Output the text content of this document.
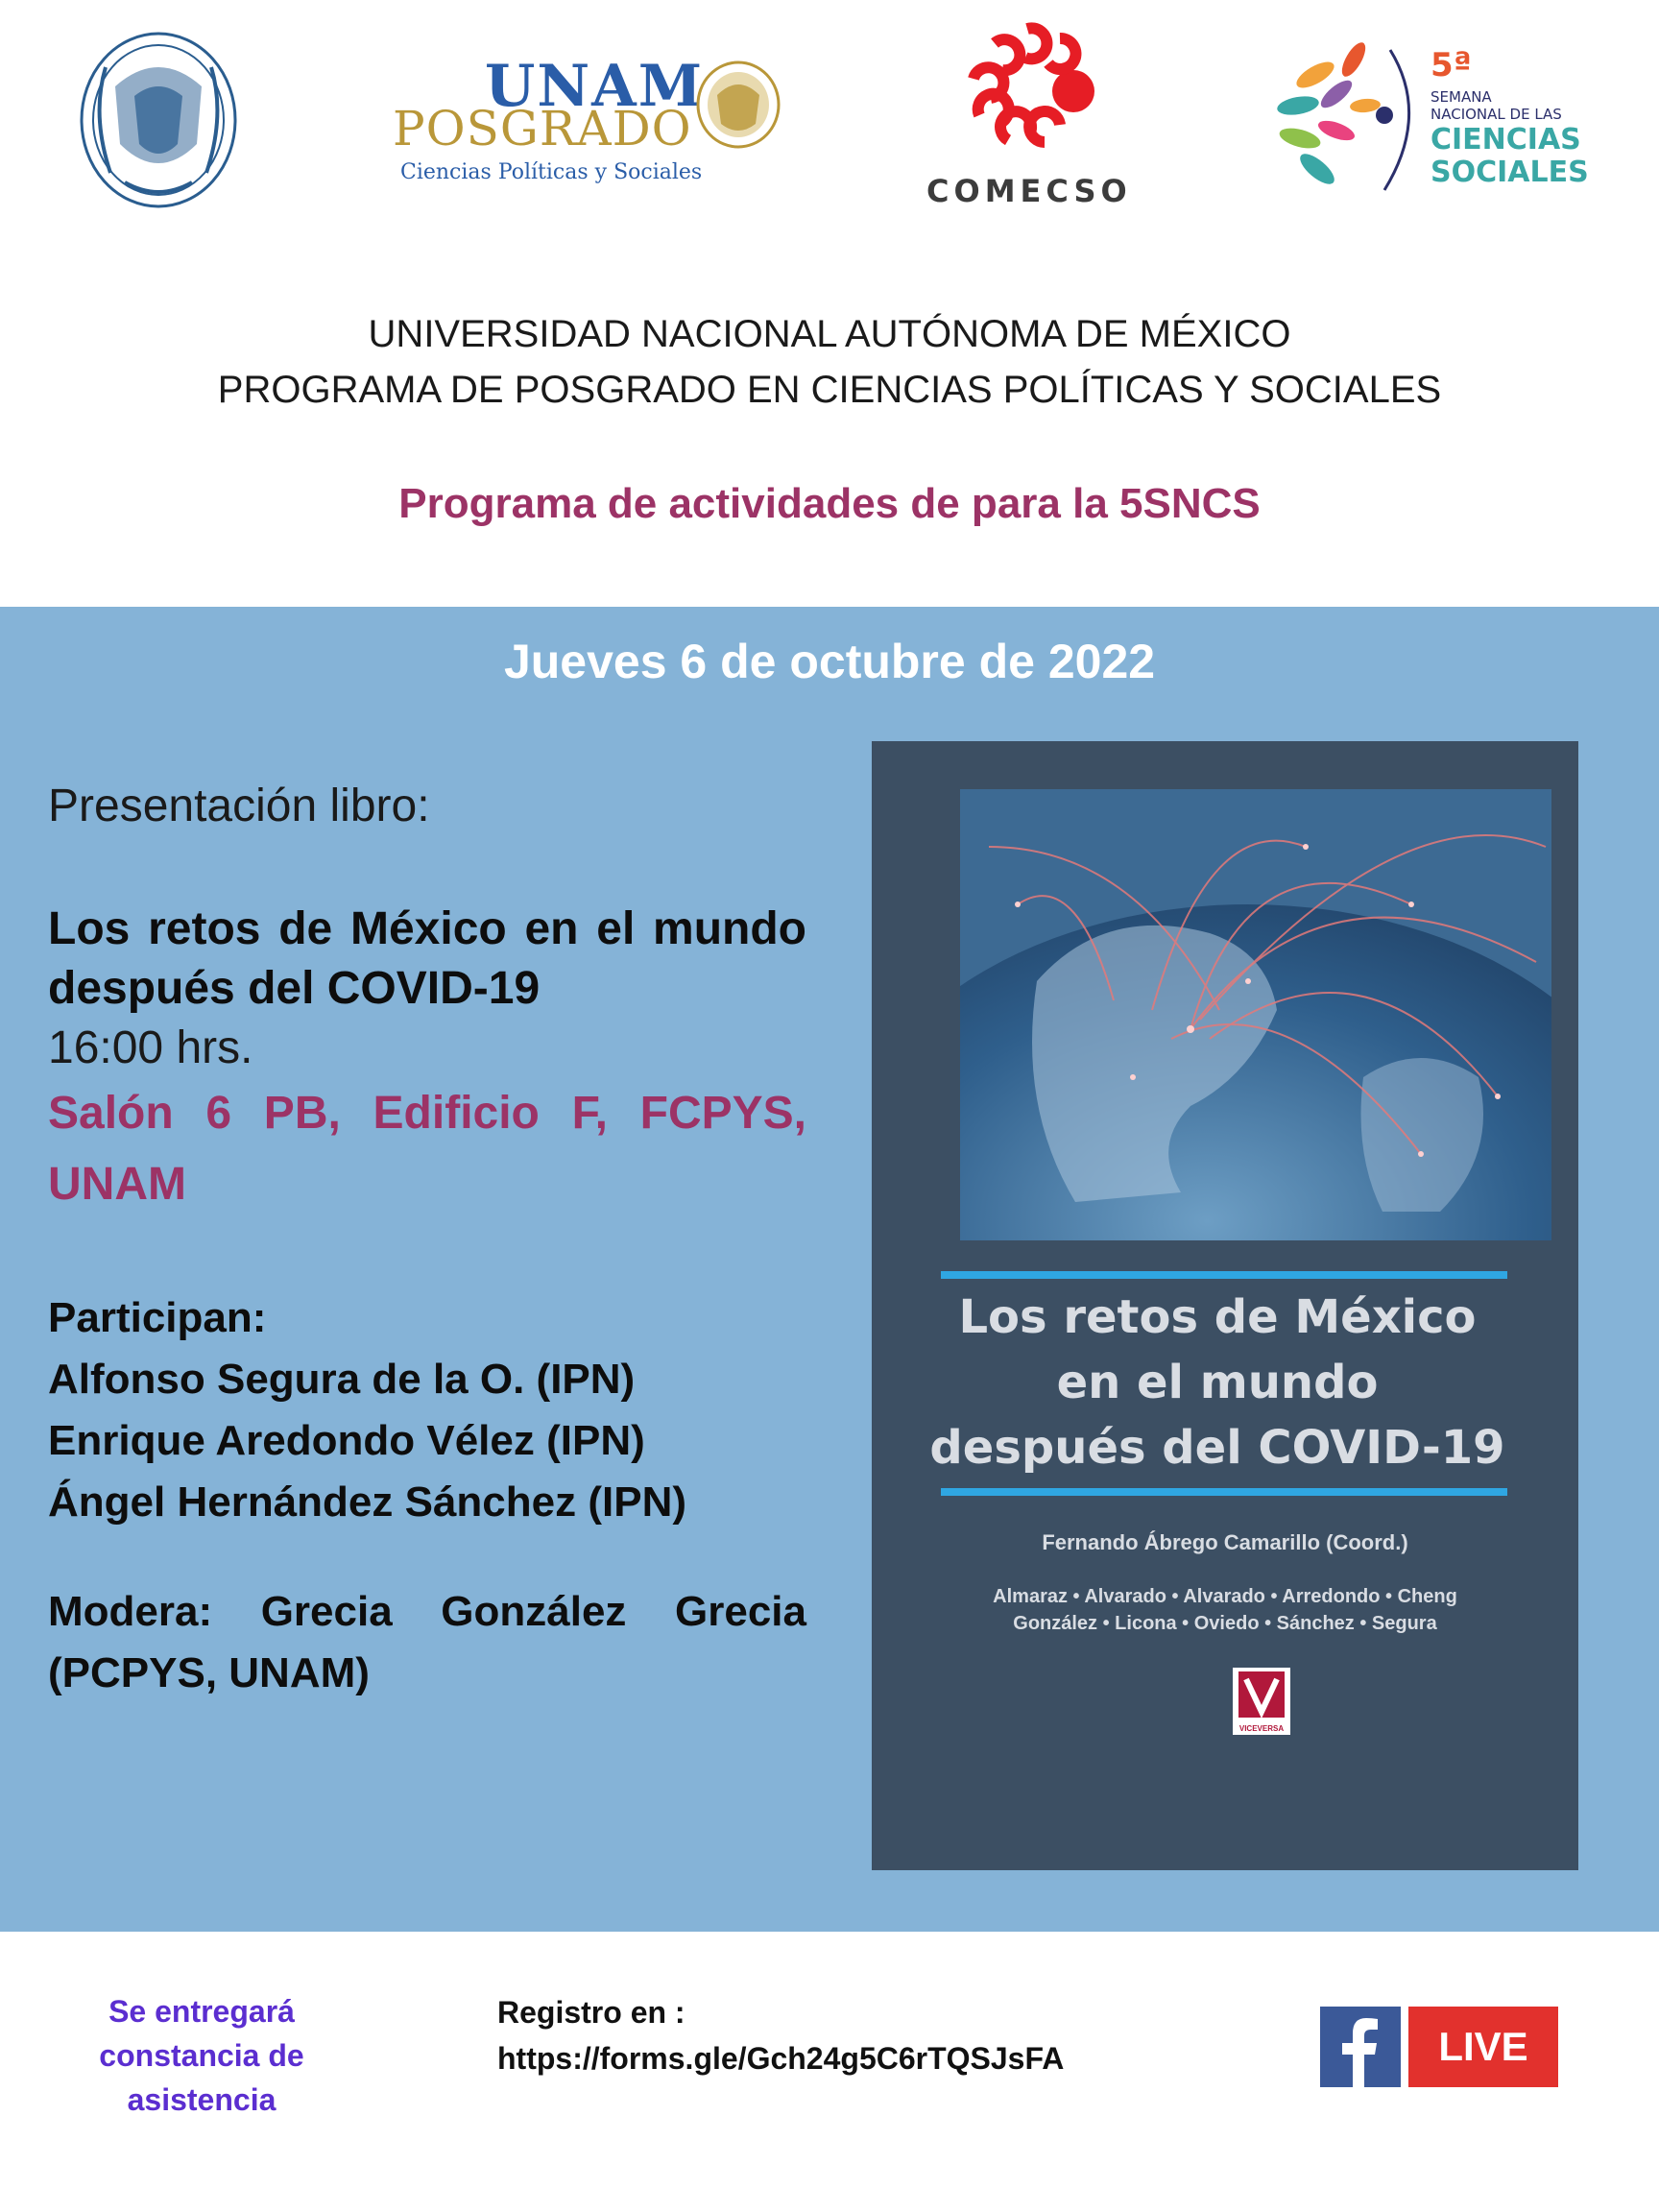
UNAM
POSGRADO
Ciencias Políticas y Sociales
COMECSO
5ª
SEMANA
NACIONAL DE LAS
CIENCIAS
SOCIALES
UNIVERSIDAD NACIONAL AUTÓNOMA DE MÉXICO
PROGRAMA DE POSGRADO EN CIENCIAS POLÍTICAS Y SOCIALES
Programa de actividades de para la 5SNCS
Jueves 6 de octubre de 2022

Presentación libro:

Los retos de México en el mundo después del COVID-19

16:00 hrs.

Salón 6 PB, Edificio F, FCPYS, UNAM

Participan:

Alfonso Segura de la O. (IPN)

Enrique Aredondo Vélez (IPN)

Ángel Hernández Sánchez (IPN)

Modera: Grecia González Grecia (PCPYS, UNAM)

Los retos de México
en el mundo
después del COVID-19
Fernando Ábrego Camarillo (Coord.)
Almaraz • Alvarado • Alvarado • Arredondo • Cheng
González • Licona • Oviedo • Sánchez • Segura
VICEVERSA
Se entregará constancia de asistencia
Registro en :
https://forms.gle/Gch24g5C6rTQSJsFA	LIVE
